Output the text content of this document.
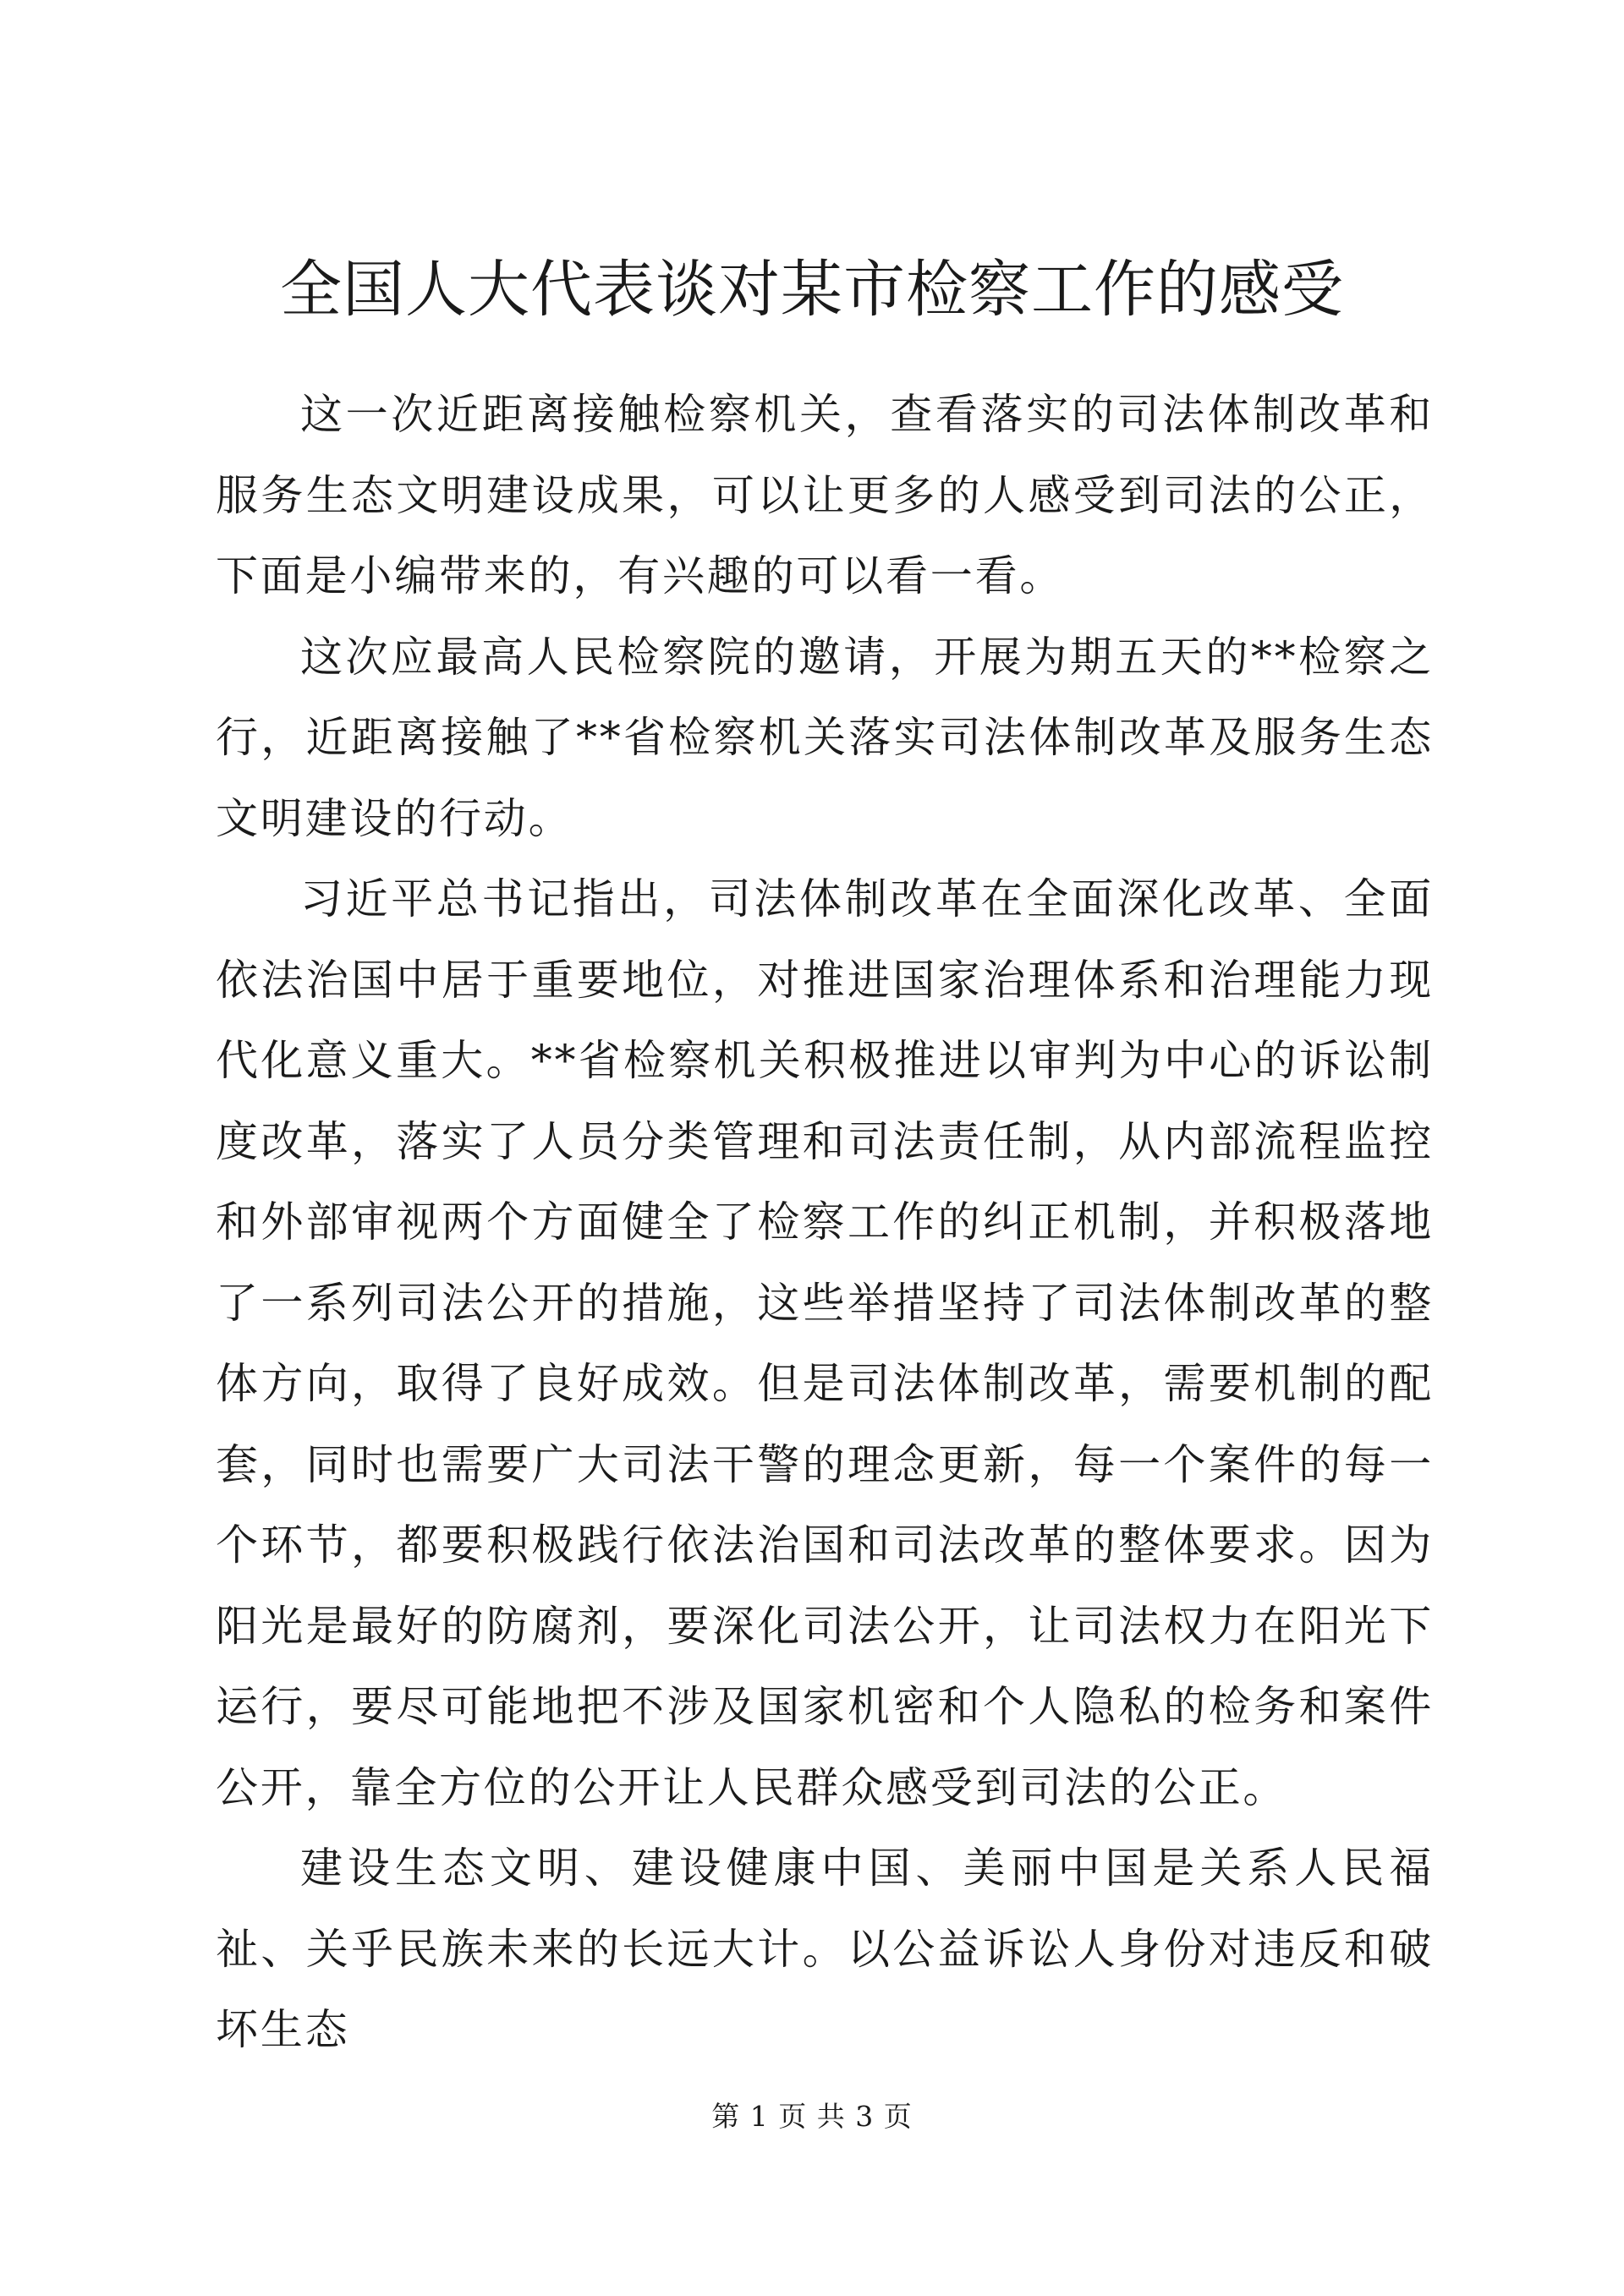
全国人大代表谈对某市检察工作的感受

这一次近距离接触检察机关，查看落实的司法体制改革和服务生态文明建设成果，可以让更多的人感受到司法的公正，下面是小编带来的，有兴趣的可以看一看。

这次应最高人民检察院的邀请，开展为期五天的**检察之行，近距离接触了**省检察机关落实司法体制改革及服务生态文明建设的行动。

习近平总书记指出，司法体制改革在全面深化改革、全面依法治国中居于重要地位，对推进国家治理体系和治理能力现代化意义重大。**省检察机关积极推进以审判为中心的诉讼制度改革，落实了人员分类管理和司法责任制，从内部流程监控和外部审视两个方面健全了检察工作的纠正机制，并积极落地了一系列司法公开的措施，这些举措坚持了司法体制改革的整体方向，取得了良好成效。但是司法体制改革，需要机制的配套，同时也需要广大司法干警的理念更新，每一个案件的每一个环节，都要积极践行依法治国和司法改革的整体要求。因为阳光是最好的防腐剂，要深化司法公开，让司法权力在阳光下运行，要尽可能地把不涉及国家机密和个人隐私的检务和案件公开，靠全方位的公开让人民群众感受到司法的公正。

建设生态文明、建设健康中国、美丽中国是关系人民福祉、关乎民族未来的长远大计。以公益诉讼人身份对违反和破坏生态

第 1 页 共 3 页
